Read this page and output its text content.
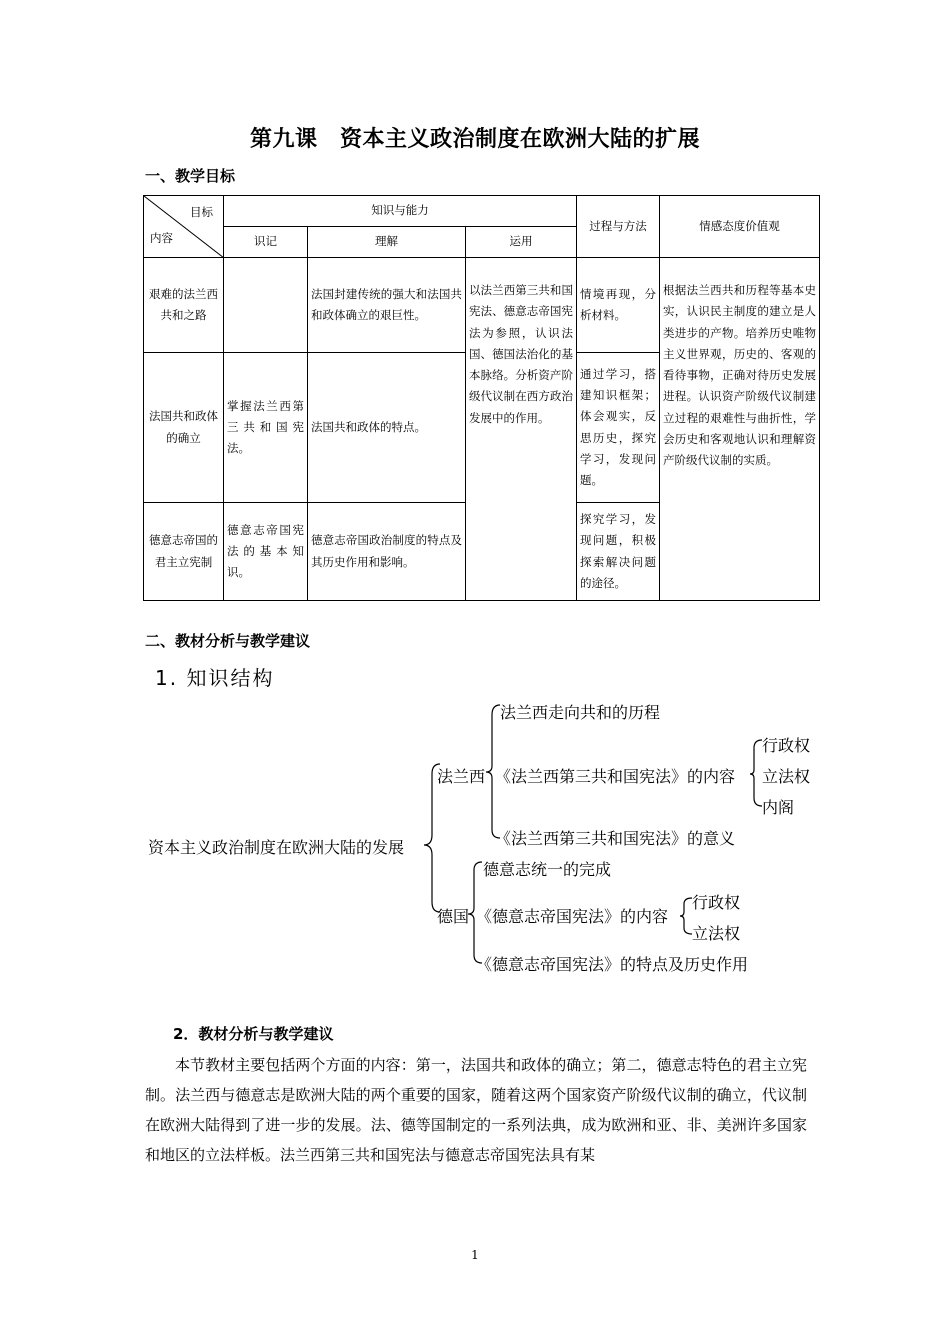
第九课　资本主义政治制度在欧洲大陆的扩展
一、教学目标
目标
内容	知识与能力			过程与方法	情感态度价值观
	识记	理解	运用		
艰难的法兰西共和之路		法国封建传统的强大和法国共和政体确立的艰巨性。	以法兰西第三共和国宪法、德意志帝国宪法为参照，认识法国、德国法治化的基本脉络。分析资产阶级代议制在西方政治发展中的作用。	情境再现，分析材料。	根据法兰西共和历程等基本史实，认识民主制度的建立是人类进步的产物。培养历史唯物主义世界观，历史的、客观的看待事物，正确对待历史发展进程。认识资产阶级代议制建立过程的艰难性与曲折性，学会历史和客观地认识和理解资产阶级代议制的实质。
法国共和政体的确立	掌握法兰西第三共和国宪法。	法国共和政体的特点。		通过学习，搭建知识框架；体会观实，反思历史，探究学习，发现问题。	
德意志帝国的君主立宪制	德意志帝国宪法的基本知识。	德意志帝国政治制度的特点及其历史作用和影响。		探究学习，发现问题，积极探索解决问题的途径。	
二、教材分析与教学建议
1. 知识结构
资本主义政治制度在欧洲大陆的发展
法兰西
法兰西走向共和的历程
《法兰西第三共和国宪法》的内容
行政权
立法权
内阁
《法兰西第三共和国宪法》的意义
德国
德意志统一的完成
《德意志帝国宪法》的内容
行政权
立法权
《德意志帝国宪法》的特点及历史作用
2．教材分析与教学建议
本节教材主要包括两个方面的内容：第一，法国共和政体的确立；第二，德意志特色的君主立宪制。法兰西与德意志是欧洲大陆的两个重要的国家，随着这两个国家资产阶级代议制的确立，代议制在欧洲大陆得到了进一步的发展。法、德等国制定的一系列法典，成为欧洲和亚、非、美洲许多国家和地区的立法样板。法兰西第三共和国宪法与德意志帝国宪法具有某
1
